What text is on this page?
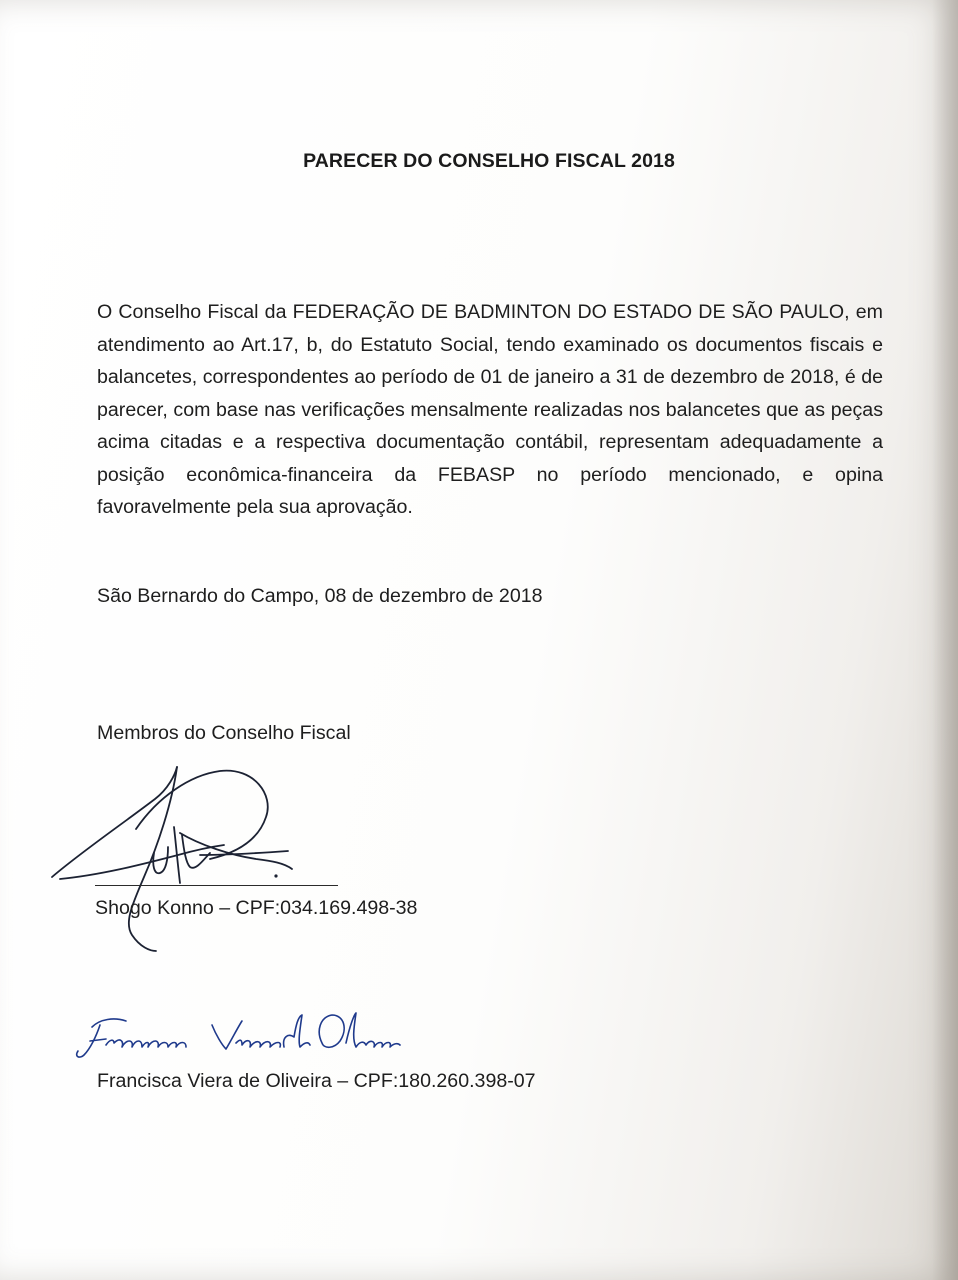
PARECER DO CONSELHO FISCAL 2018

O Conselho Fiscal da FEDERAÇÃO DE BADMINTON DO ESTADO DE SÃO PAULO, em atendimento ao Art.17, b, do Estatuto Social, tendo examinado os documentos fiscais e balancetes, correspondentes ao período de 01 de janeiro a 31 de dezembro de 2018, é de parecer, com base nas verificações mensalmente realizadas nos balancetes que as peças acima citadas e a respectiva documentação contábil, representam adequadamente a posição econômica-financeira da FEBASP no período mencionado, e opina favoravelmente pela sua aprovação.

São Bernardo do Campo, 08 de dezembro de 2018
Membros do Conselho Fiscal
Shogo Konno – CPF:034.169.498-38
Francisca Viera de Oliveira – CPF:180.260.398-07
